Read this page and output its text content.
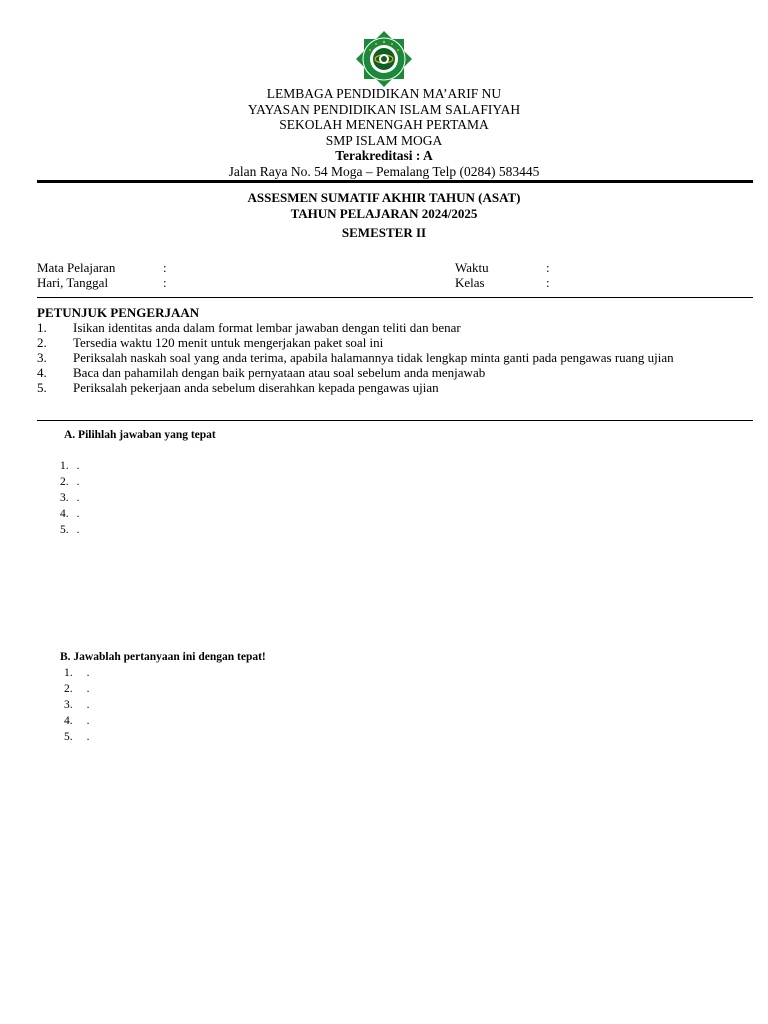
LEMBAGA PENDIDIKAN MA’ARIF NU
YAYASAN PENDIDIKAN ISLAM SALAFIYAH
SEKOLAH MENENGAH PERTAMA
SMP ISLAM MOGA
Terakreditasi : A
Jalan Raya No. 54 Moga – Pemalang Telp (0284) 583445
ASSESMEN SUMATIF AKHIR TAHUN (ASAT)
TAHUN PELAJARAN 2024/2025
SEMESTER II
Mata Pelajaran	:	Waktu	:
Hari, Tanggal	:	Kelas	:
PETUNJUK PENGERJAAN
1.	Isikan identitas anda dalam format lembar jawaban dengan teliti dan benar
2.	Tersedia waktu 120 menit untuk mengerjakan paket soal ini
3.	Periksalah naskah soal yang anda terima, apabila halamannya tidak lengkap minta ganti pada pengawas ruang ujian
4.	Baca dan pahamilah dengan baik pernyataan atau soal sebelum anda menjawab
5.	Periksalah pekerjaan anda sebelum diserahkan kepada pengawas ujian
A. Pilihlah jawaban yang tepat
1. .
2. .
3. .
4. .
5. .
B. Jawablah pertanyaan ini dengan tepat!
1.	.
2.	.
3.	.
4.	.
5.	.
